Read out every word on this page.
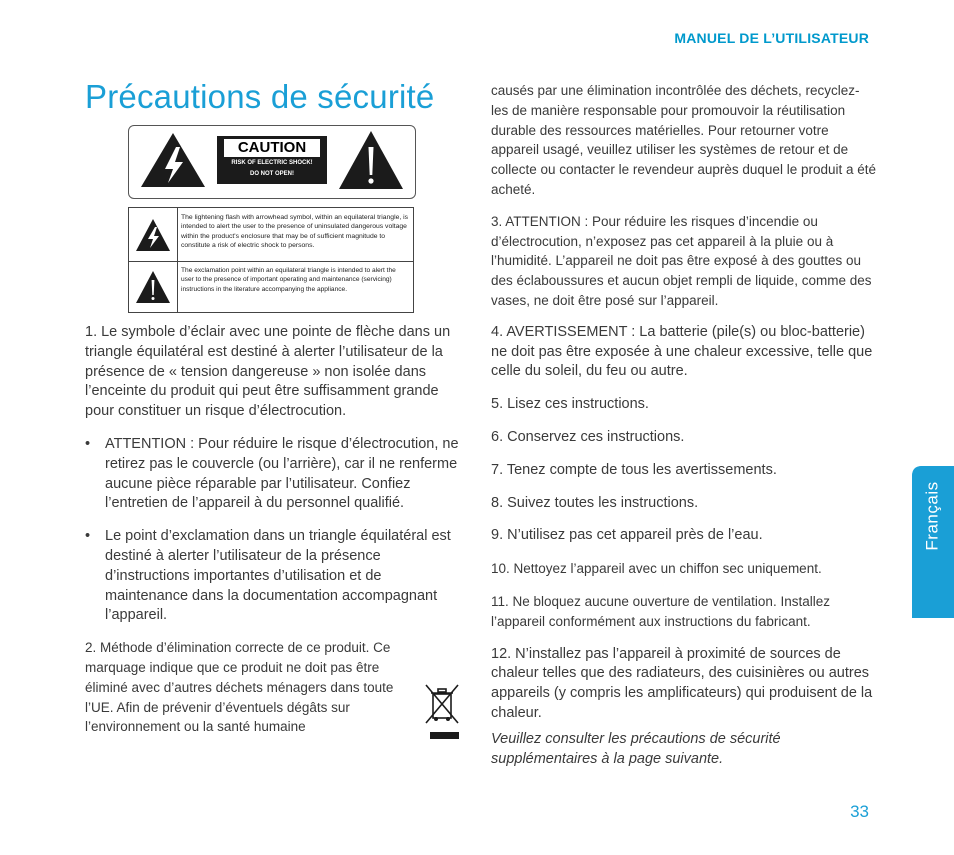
MANUEL DE L’UTILISATEUR
Précautions de sécurité
CAUTION
RISK OF ELECTRIC SHOCK!
DO NOT OPEN!
The lightening flash with arrowhead symbol, within an equilateral triangle, is intended to alert the user to the presence of uninsulated dangerous voltage within the product's enclosure that may be of sufficient magnitude to constitute a risk of electric shock to persons.
The exclamation point within an equilateral triangle is intended to alert the user to the presence of important operating and maintenance (servicing) instructions in the literature accompanying the appliance.

1. Le symbole d’éclair avec une pointe de flèche dans un triangle équilatéral est destiné à alerter l’utilisateur de la présence de « tension dangereuse » non isolée dans l’enceinte du produit qui peut être suffisamment grande pour constituer un risque d’électrocution.

• ATTENTION : Pour réduire le risque d’électrocution, ne retirez pas le couvercle (ou l’arrière), car il ne renferme aucune pièce réparable par l’utilisateur. Confiez l’entretien de l’appareil à du personnel qualifié.
• Le point d’exclamation dans un triangle équilatéral est destiné à alerter l’utilisateur de la présence d’instructions importantes d’utilisation et de maintenance dans la documentation accompagnant l’appareil.

2. Méthode d’élimination correcte de ce produit. Ce marquage indique que ce produit ne doit pas être éliminé avec d’autres déchets ménagers dans toute l’UE. Afin de prévenir d’éventuels dégâts sur l’environnement ou la santé humaine

causés par une élimination incontrôlée des déchets, recyclez-les de manière responsable pour promouvoir la réutilisation durable des ressources matérielles. Pour retourner votre appareil usagé, veuillez utiliser les systèmes de retour et de collecte ou contacter le revendeur auprès duquel le produit a été acheté.

3. ATTENTION : Pour réduire les risques d’incendie ou d’électrocution, n’exposez pas cet appareil à la pluie ou à l’humidité. L’appareil ne doit pas être exposé à des gouttes ou des éclaboussures et aucun objet rempli de liquide, comme des vases, ne doit être posé sur l’appareil.

4. AVERTISSEMENT : La batterie (pile(s) ou bloc-batterie) ne doit pas être exposée à une chaleur excessive, telle que celle du soleil, du feu ou autre.

5. Lisez ces instructions.

6. Conservez ces instructions.

7. Tenez compte de tous les avertissements.

8. Suivez toutes les instructions.

9. N’utilisez pas cet appareil près de l’eau.

10. Nettoyez l’appareil avec un chiffon sec uniquement.

11. Ne bloquez aucune ouverture de ventilation. Installez l’appareil conformément aux instructions du fabricant.

12. N’installez pas l’appareil à proximité de sources de chaleur telles que des radiateurs, des cuisinières ou autres appareils (y compris les amplificateurs) qui produisent de la chaleur.

Veuillez consulter les précautions de sécurité supplémentaires à la page suivante.

Français
33
